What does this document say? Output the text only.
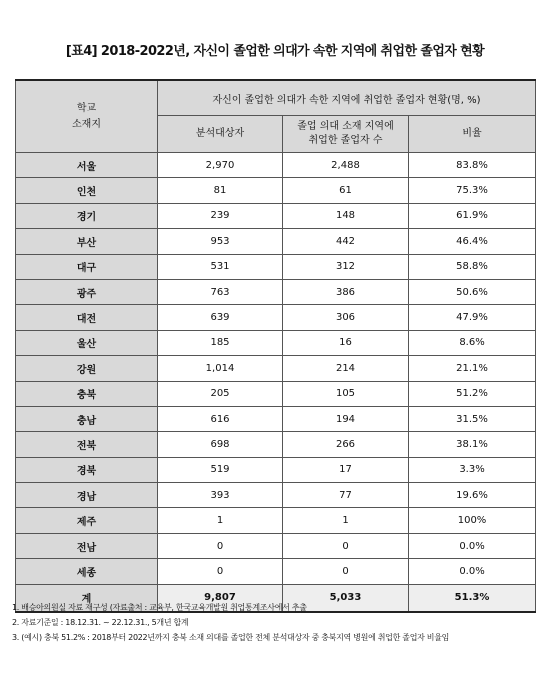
[표4] 2018-2022년, 자신이 졸업한 의대가 속한 지역에 취업한 졸업자 현황
학교
소재지	자신이 졸업한 의대가 속한 지역에 취업한 졸업자 현황(명, %)		
	분석대상자	졸업 의대 소재 지역에
취업한 졸업자 수	비율
서울	2,970	2,488	83.8%
인천	81	61	75.3%
경기	239	148	61.9%
부산	953	442	46.4%
대구	531	312	58.8%
광주	763	386	50.6%
대전	639	306	47.9%
울산	185	16	8.6%
강원	1,014	214	21.1%
충북	205	105	51.2%
충남	616	194	31.5%
전북	698	266	38.1%
경북	519	17	3.3%
경남	393	77	19.6%
제주	1	1	100%
전남	0	0	0.0%
세종	0	0	0.0%
계	9,807	5,033	51.3%
1. 배승아의원실 자료 재구성 (자료출처 : 교육부, 한국교육개발원 취업통계조사에서 추출
2. 자료기준일 : 18.12.31. ~ 22.12.31., 5개년 합계
3. (예시) 충북 51.2% : 2018부터 2022년까지 충북 소재 의대를 졸업한 전체 분석대상자 중 충북지역 병원에 취업한 졸업자 비율임
